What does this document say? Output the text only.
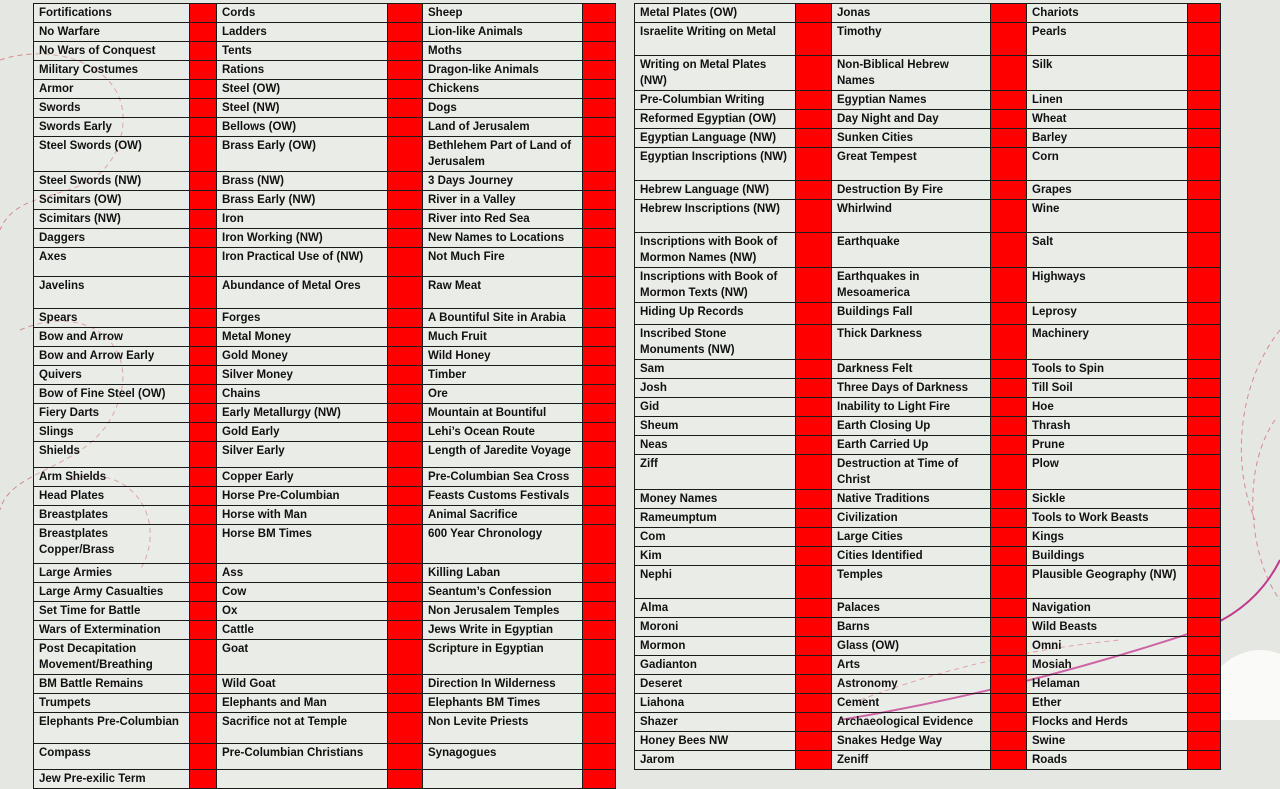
Fortifications		Cords		Sheep	
No Warfare		Ladders		Lion-like Animals	
No Wars of Conquest		Tents		Moths	
Military Costumes		Rations		Dragon-like Animals	
Armor		Steel (OW)		Chickens	
Swords		Steel (NW)		Dogs	
Swords Early		Bellows (OW)		Land of Jerusalem	
Steel Swords (OW)		Brass Early (OW)		Bethlehem Part of Land of Jerusalem	
Steel Swords (NW)		Brass (NW)		3 Days Journey	
Scimitars (OW)		Brass Early (NW)		River in a Valley	
Scimitars (NW)		Iron		River into Red Sea	
Daggers		Iron Working (NW)		New Names to Locations	
Axes		Iron Practical Use of (NW)		Not Much Fire	
Javelins		Abundance of Metal Ores		Raw Meat	
Spears		Forges		A Bountiful Site in Arabia	
Bow and Arrow		Metal Money		Much Fruit	
Bow and Arrow Early		Gold Money		Wild Honey	
Quivers		Silver Money		Timber	
Bow of Fine Steel (OW)		Chains		Ore	
Fiery Darts		Early Metallurgy (NW)		Mountain at Bountiful	
Slings		Gold Early		Lehi’s Ocean Route	
Shields		Silver Early		Length of Jaredite Voyage	
Arm Shields		Copper Early		Pre-Columbian Sea Cross	
Head Plates		Horse Pre-Columbian		Feasts Customs Festivals	
Breastplates		Horse with Man		Animal Sacrifice	
Breastplates Copper/Brass		Horse BM Times		600 Year Chronology	
Large Armies		Ass		Killing Laban	
Large Army Casualties		Cow		Seantum’s Confession	
Set Time for Battle		Ox		Non Jerusalem Temples	
Wars of Extermination		Cattle		Jews Write in Egyptian	
Post Decapitation Movement/Breathing		Goat		Scripture in Egyptian	
BM Battle Remains		Wild Goat		Direction In Wilderness	
Trumpets		Elephants and Man		Elephants BM Times	
Elephants Pre-Columbian		Sacrifice not at Temple		Non Levite Priests	
Compass		Pre-Columbian Christians		Synagogues	
Jew Pre-exilic Term					
Metal Plates (OW)		Jonas		Chariots	
Israelite Writing on Metal		Timothy		Pearls	
Writing on Metal Plates (NW)		Non-Biblical Hebrew Names		Silk	
Pre-Columbian Writing		Egyptian Names		Linen	
Reformed Egyptian (OW)		Day Night and Day		Wheat	
Egyptian Language (NW)		Sunken Cities		Barley	
Egyptian Inscriptions (NW)		Great Tempest		Corn	
Hebrew Language (NW)		Destruction By Fire		Grapes	
Hebrew Inscriptions (NW)		Whirlwind		Wine	
Inscriptions with Book of Mormon Names (NW)		Earthquake		Salt	
Inscriptions with Book of Mormon Texts (NW)		Earthquakes in Mesoamerica		Highways	
Hiding Up Records		Buildings Fall		Leprosy	
Inscribed Stone Monuments (NW)		Thick Darkness		Machinery	
Sam		Darkness Felt		Tools to Spin	
Josh		Three Days of Darkness		Till Soil	
Gid		Inability to Light Fire		Hoe	
Sheum		Earth Closing Up		Thrash	
Neas		Earth Carried Up		Prune	
Ziff		Destruction at Time of Christ		Plow	
Money Names		Native Traditions		Sickle	
Rameumptum		Civilization		Tools to Work Beasts	
Com		Large Cities		Kings	
Kim		Cities Identified		Buildings	
Nephi		Temples		Plausible Geography (NW)	
Alma		Palaces		Navigation	
Moroni		Barns		Wild Beasts	
Mormon		Glass (OW)		Omni	
Gadianton		Arts		Mosiah	
Deseret		Astronomy		Helaman	
Liahona		Cement		Ether	
Shazer		Archaeological Evidence		Flocks and Herds	
Honey Bees NW		Snakes Hedge Way		Swine	
Jarom		Zeniff		Roads	
